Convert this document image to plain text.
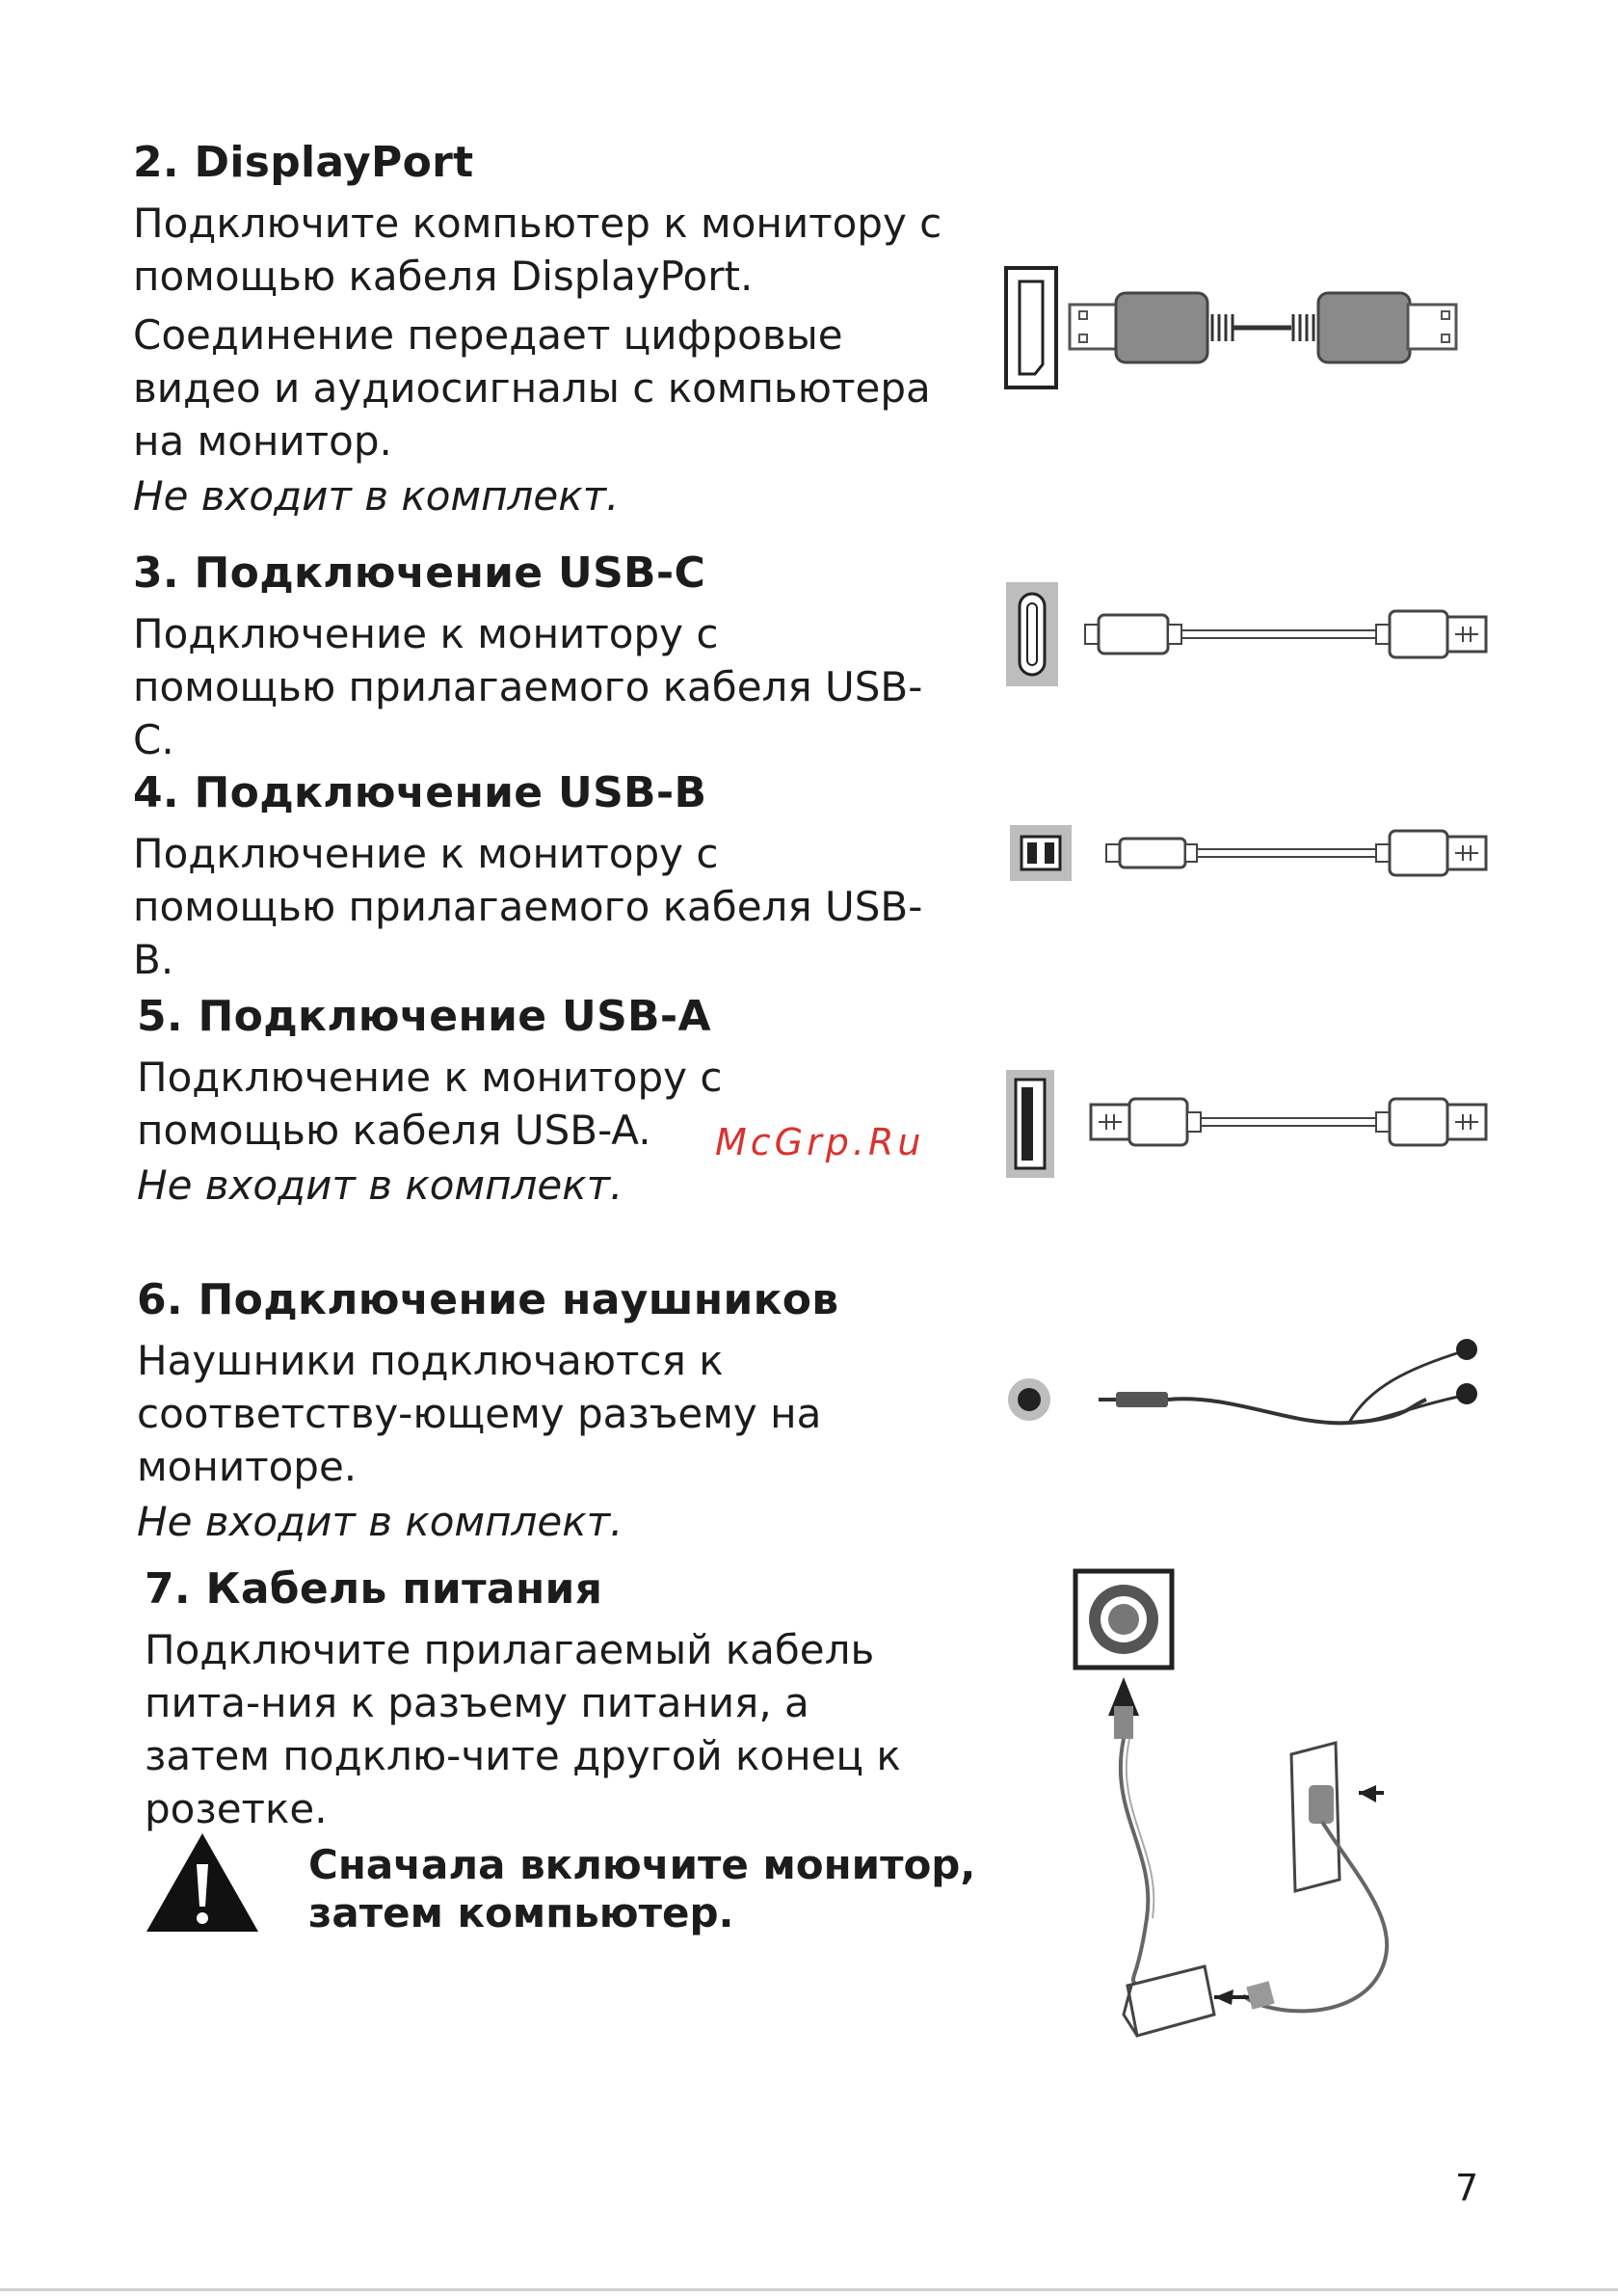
2. DisplayPort

Подключите компьютер к монитору с помощью кабеля DisplayPort.

Соединение передает цифровые видео и аудиосигналы с компьютера на монитор.

Не входит в комплект.

3. Подключение USB-C

Подключение к монитору с помощью прилагаемого кабеля USB-C.

4. Подключение USB-B

Подключение к монитору с помощью прилагаемого кабеля USB-B.

5. Подключение USB-A

Подключение к монитору с помощью кабеля USB-A.

Не входит в комплект.

McGrp.Ru

6. Подключение наушников

Наушники подключаются к соответству-ющему разъему на мониторе.

Не входит в комплект.

7. Кабель питания

Подключите прилагаемый кабель пита-ния к разъему питания, а затем подклю-чите другой конец к розетке.

Сначала включите монитор, затем компьютер.

7
